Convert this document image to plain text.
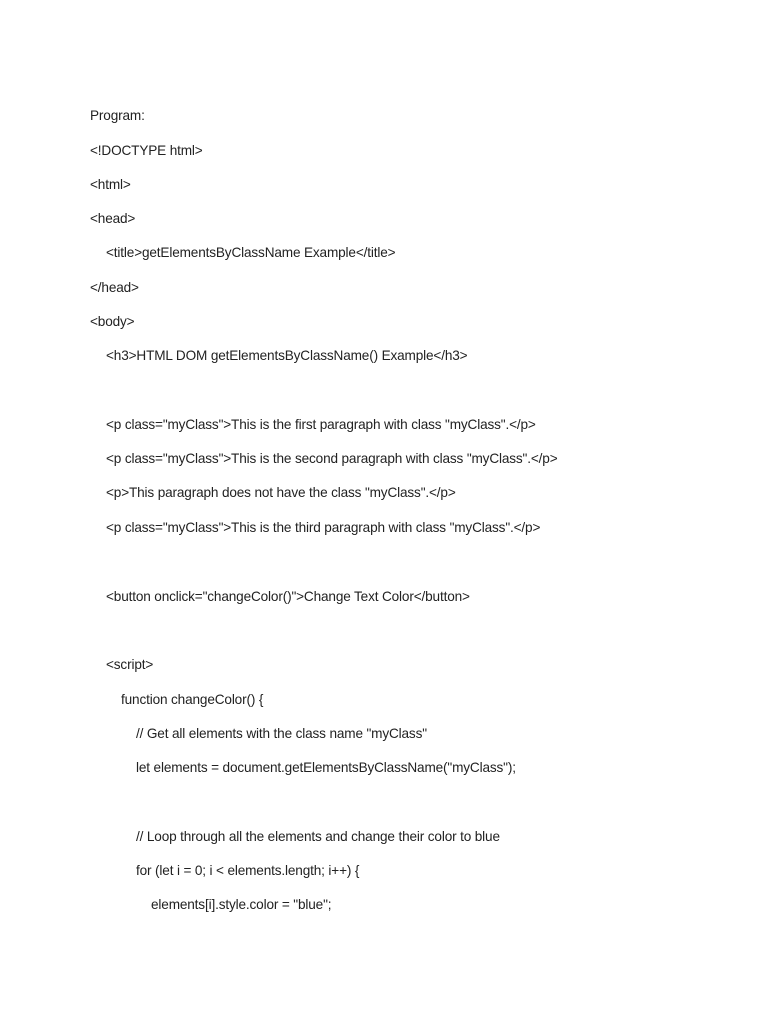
Program:
<!DOCTYPE html>
<html>
<head>
<title>getElementsByClassName Example</title>
</head>
<body>
<h3>HTML DOM getElementsByClassName() Example</h3>
<p class="myClass">This is the first paragraph with class "myClass".</p>
<p class="myClass">This is the second paragraph with class "myClass".</p>
<p>This paragraph does not have the class "myClass".</p>
<p class="myClass">This is the third paragraph with class "myClass".</p>
<button onclick="changeColor()">Change Text Color</button>
<script>
function changeColor() {
// Get all elements with the class name "myClass"
let elements = document.getElementsByClassName("myClass");
// Loop through all the elements and change their color to blue
for (let i = 0; i < elements.length; i++) {
elements[i].style.color = "blue";
